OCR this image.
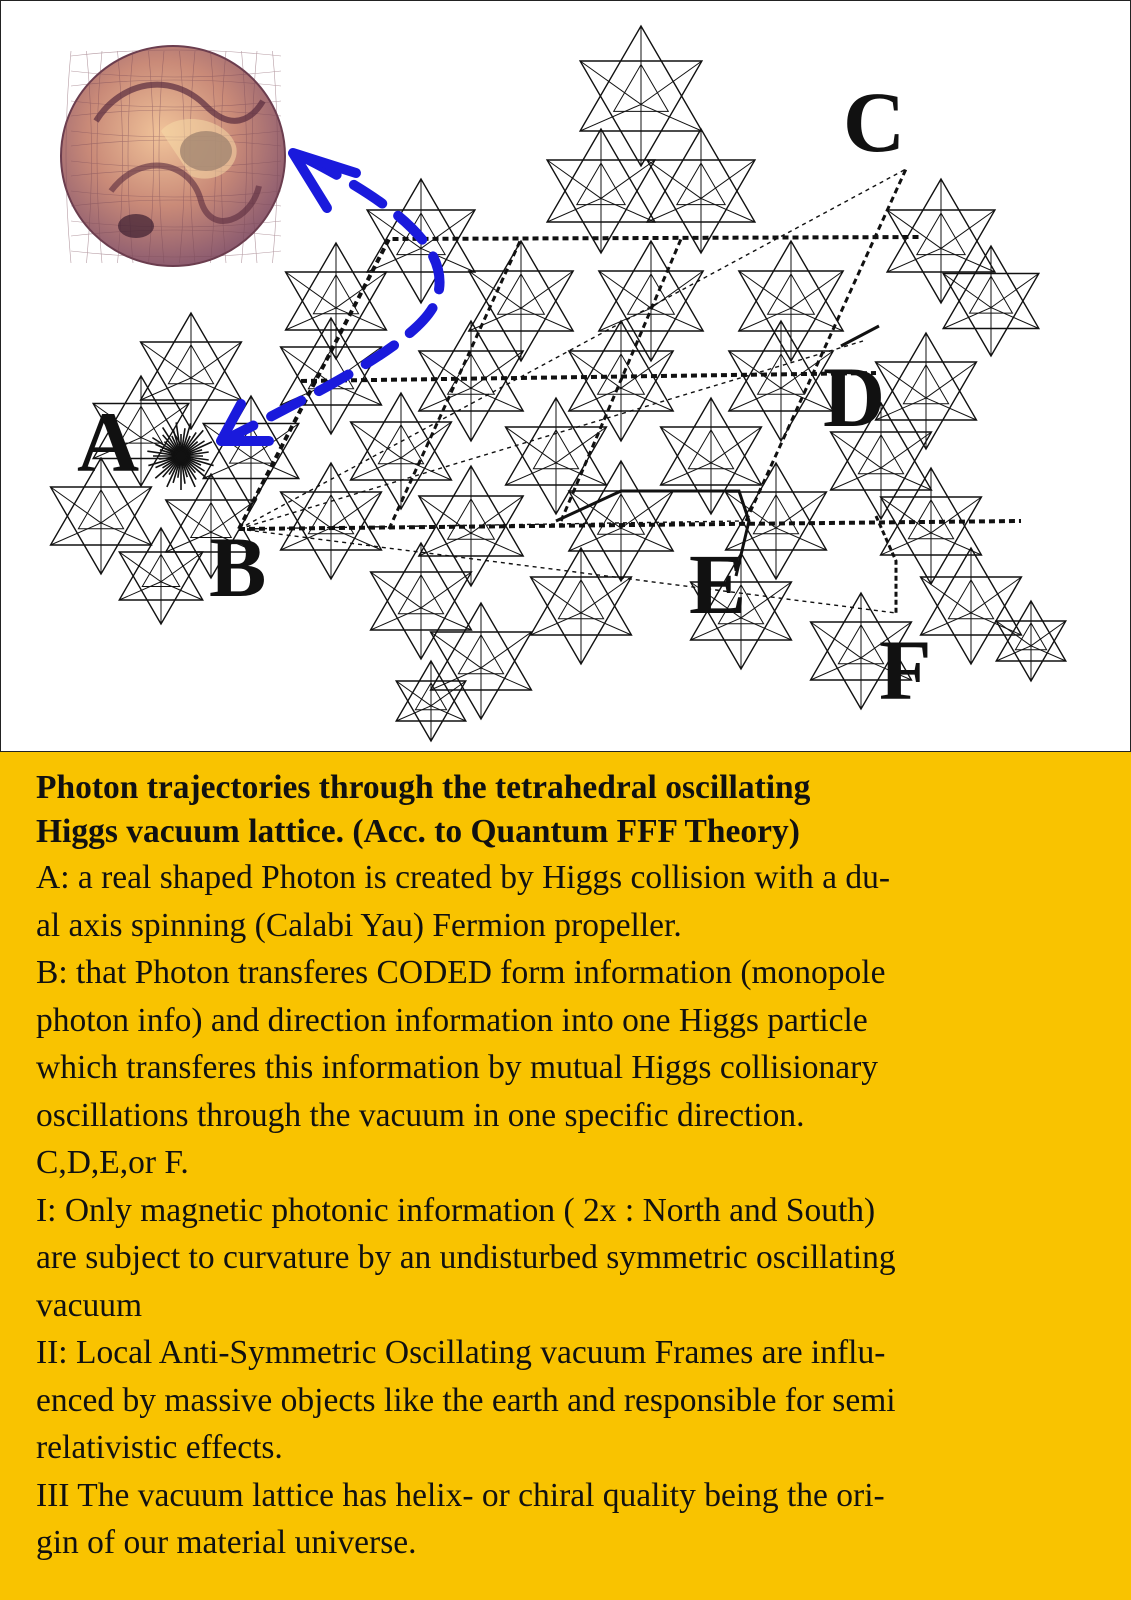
A
B
C
D
E
F
Photon trajectories through the tetrahedral oscillating
Higgs vacuum lattice. (Acc. to Quantum FFF Theory)
A: a real shaped Photon is created by Higgs collision with a du-
al axis spinning (Calabi Yau) Fermion propeller.
B: that Photon transferes CODED form information (monopole
photon info) and direction information into one Higgs particle
which transferes this information by mutual Higgs collisionary
oscillations through the vacuum in one specific direction.
C,D,E,or F.
I: Only magnetic photonic information ( 2x : North and South)
are subject to curvature by an undisturbed symmetric oscillating
vacuum
II: Local Anti-Symmetric Oscillating vacuum Frames are influ-
enced by massive objects like the earth and responsible for semi
relativistic effects.
III The vacuum lattice has helix- or chiral quality being the ori-
gin of our material universe.
